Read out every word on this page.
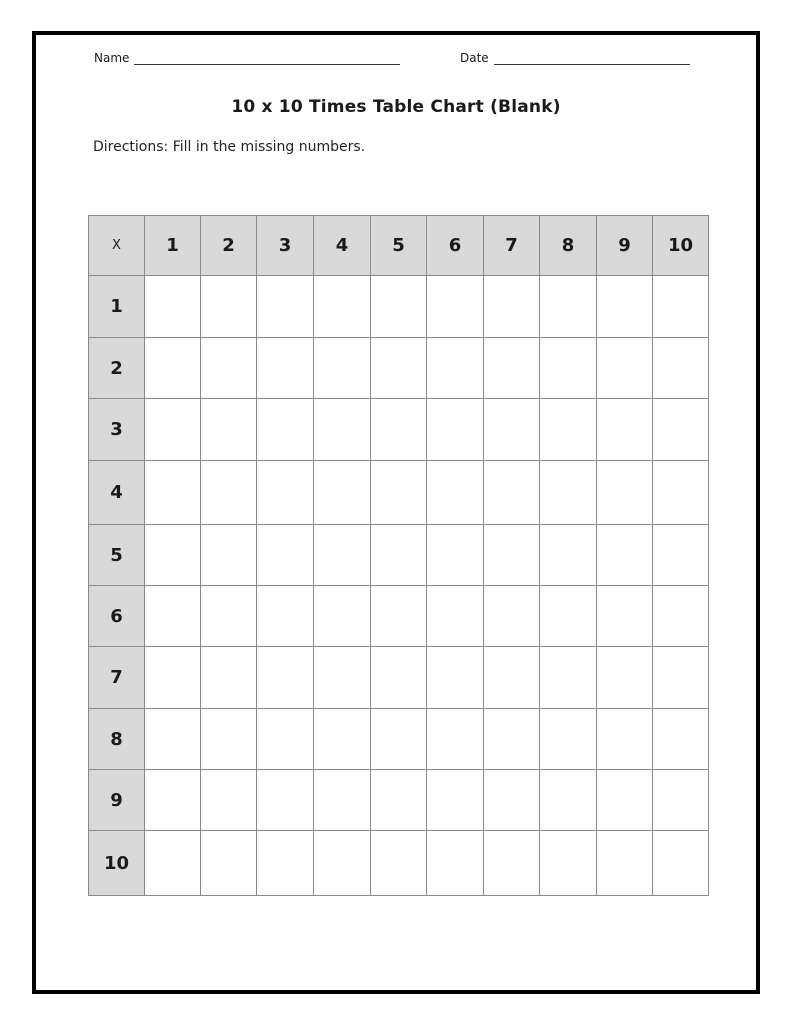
Name	Date
10 x 10 Times Table Chart (Blank)
Directions: Fill in the missing numbers.
X	1	2	3	4	5	6	7	8	9	10
1										
2										
3										
4										
5										
6										
7										
8										
9										
10										
